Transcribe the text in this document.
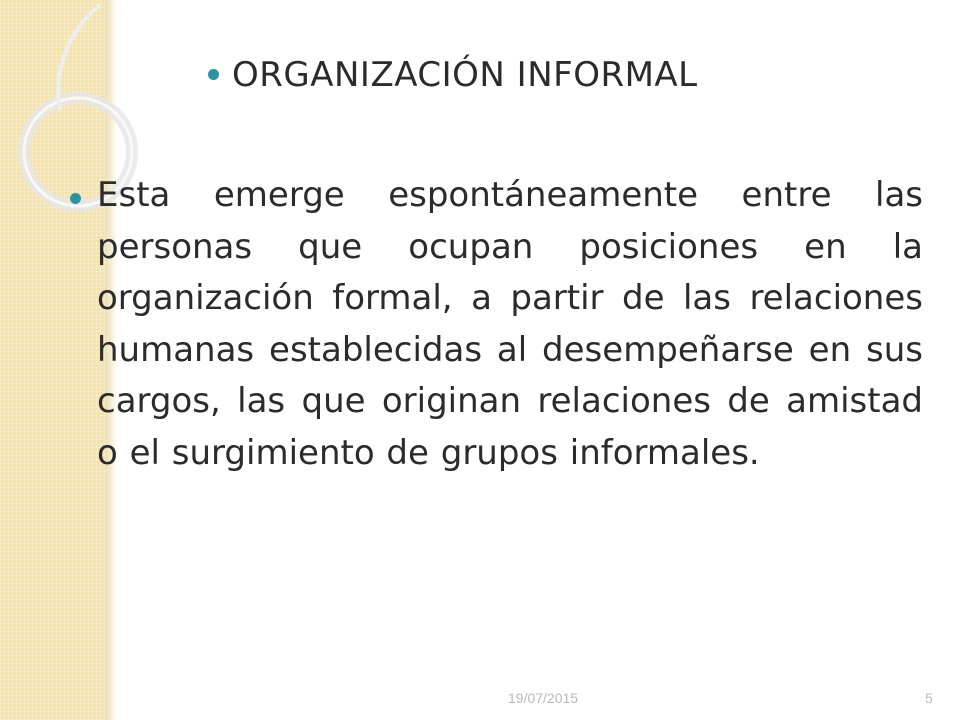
ORGANIZACIÓN INFORMAL
Esta emerge espontáneamente entre las personas que ocupan posiciones en la organización formal, a partir de las relaciones humanas establecidas al desempeñarse en sus cargos, las que originan relaciones de amistad o el surgimiento de grupos informales.
19/07/2015	5
